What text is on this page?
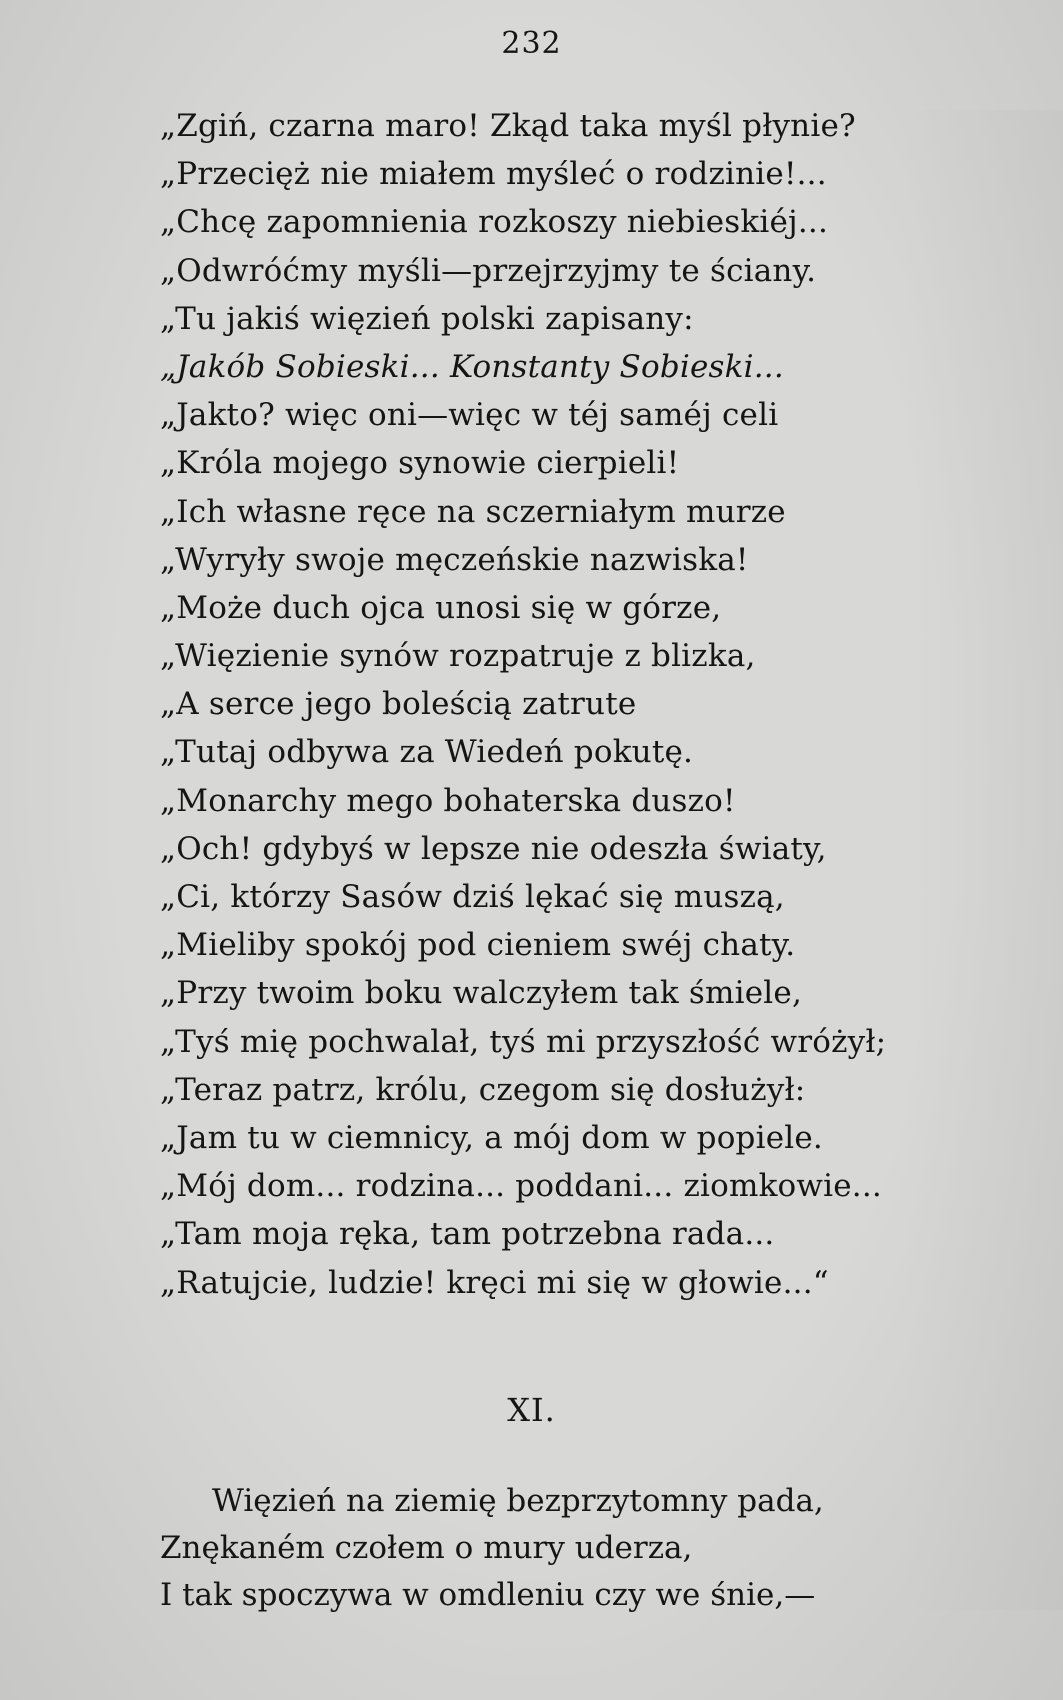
232
„Zgiń, czarna maro! Zkąd taka myśl płynie?
„Przecięż nie miałem myśleć o rodzinie!...
„Chcę zapomnienia rozkoszy niebieskiéj...
„Odwróćmy myśli—przejrzyjmy te ściany.
„Tu jakiś więzień polski zapisany:
„Jakób Sobieski... Konstanty Sobieski...
„Jakto? więc oni—więc w téj saméj celi
„Króla mojego synowie cierpieli!
„Ich własne ręce na sczerniałym murze
„Wyryły swoje męczeńskie nazwiska!
„Może duch ojca unosi się w górze,
„Więzienie synów rozpatruje z blizka,
„A serce jego boleścią zatrute
„Tutaj odbywa za Wiedeń pokutę.
„Monarchy mego bohaterska duszo!
„Och! gdybyś w lepsze nie odeszła światy,
„Ci, którzy Sasów dziś lękać się muszą,
„Mieliby spokój pod cieniem swéj chaty.
„Przy twoim boku walczyłem tak śmiele,
„Tyś mię pochwalał, tyś mi przyszłość wróżył;
„Teraz patrz, królu, czegom się dosłużył:
„Jam tu w ciemnicy, a mój dom w popiele.
„Mój dom... rodzina... poddani... ziomkowie...
„Tam moja ręka, tam potrzebna rada...
„Ratujcie, ludzie! kręci mi się w głowie...“
XI.
Więzień na ziemię bezprzytomny pada,
Znękaném czołem o mury uderza,
I tak spoczywa w omdleniu czy we śnie,—
